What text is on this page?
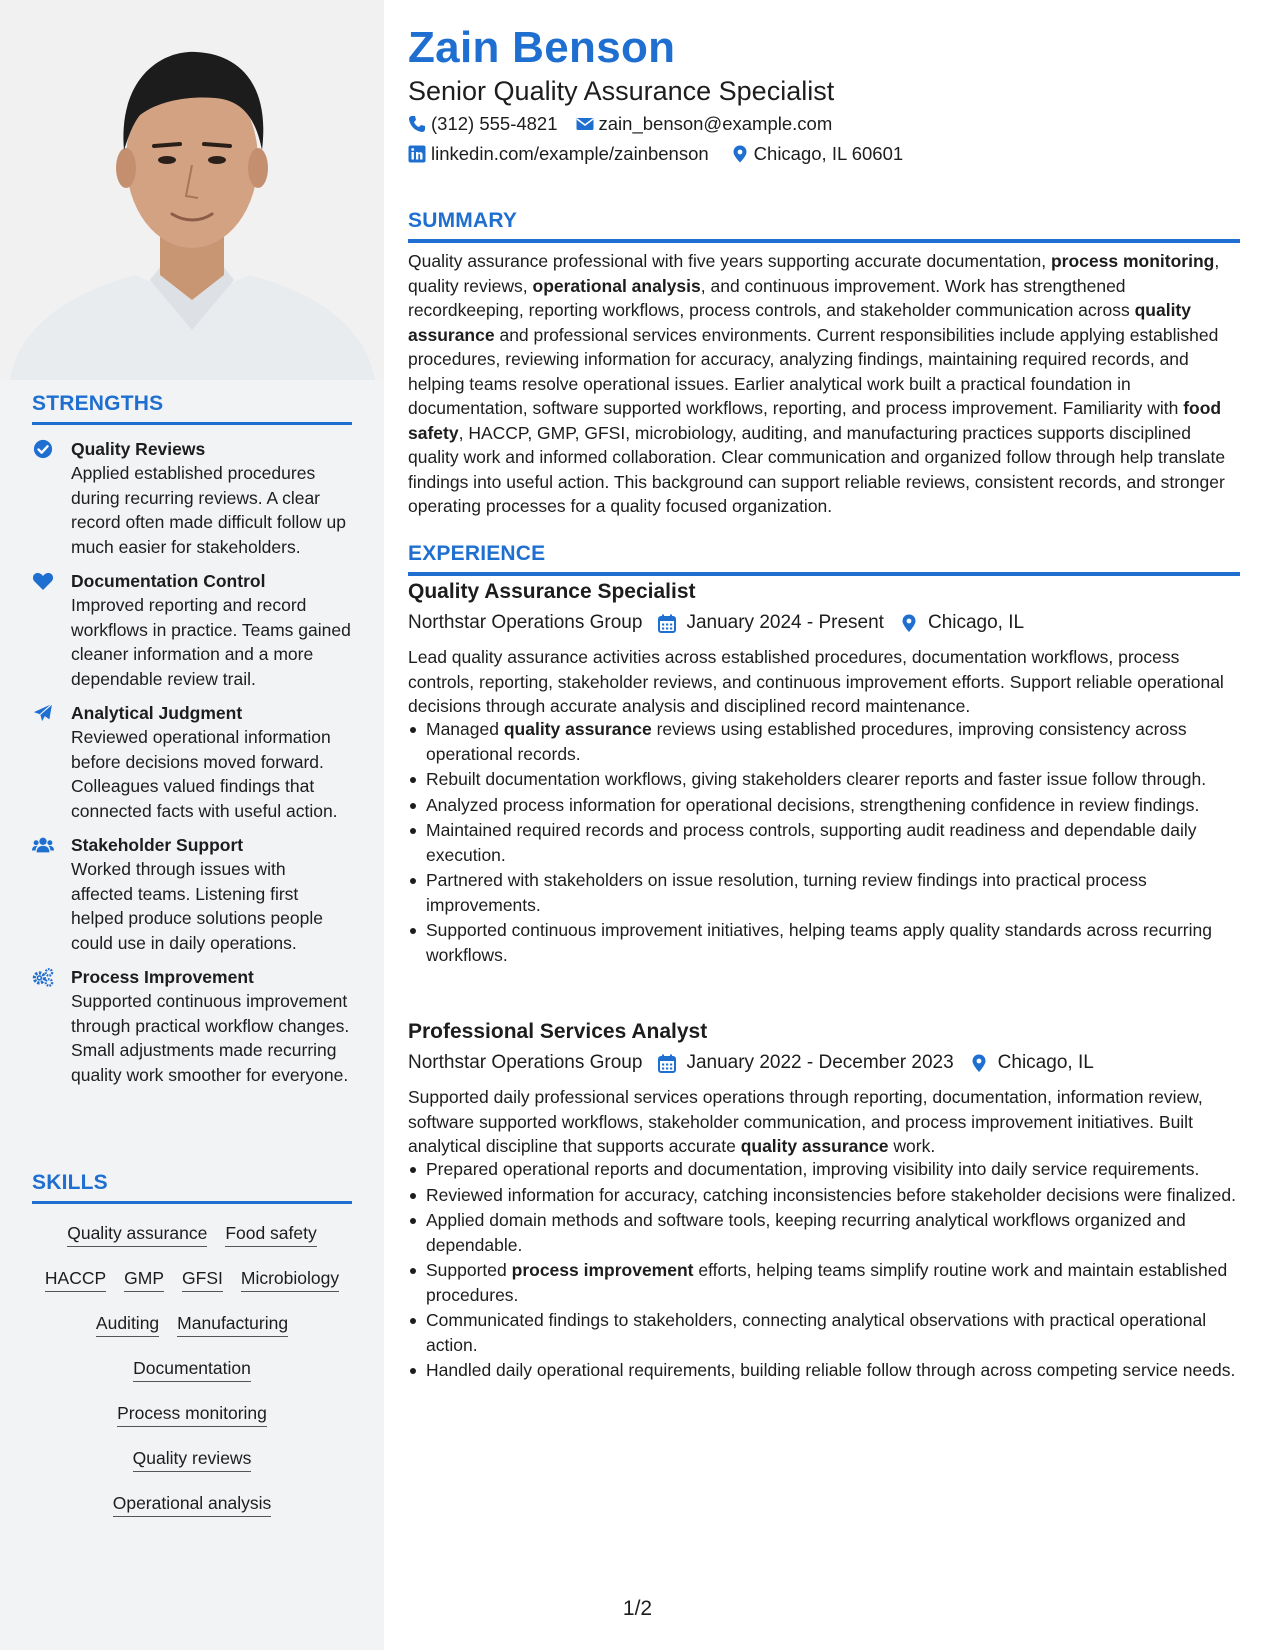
STRENGTHS
Quality Reviews
Applied established procedures during recurring reviews. A clear record often made difficult follow up much easier for stakeholders.
Documentation Control
Improved reporting and record workflows in practice. Teams gained cleaner information and a more dependable review trail.
Analytical Judgment
Reviewed operational information before decisions moved forward. Colleagues valued findings that connected facts with useful action.
Stakeholder Support
Worked through issues with affected teams. Listening first helped produce solutions people could use in daily operations.
Process Improvement
Supported continuous improvement through practical workflow changes. Small adjustments made recurring quality work smoother for everyone.
SKILLS
Quality assurance Food safety
HACCP GMP GFSI Microbiology
Auditing Manufacturing
Documentation
Process monitoring
Quality reviews
Operational analysis
Zain Benson
Senior Quality Assurance Specialist
(312) 555-4821 zain_benson@example.com
linkedin.com/example/zainbenson Chicago, IL 60601
SUMMARY
Quality assurance professional with five years supporting accurate documentation, process monitoring, quality reviews, operational analysis, and continuous improvement. Work has strengthened recordkeeping, reporting workflows, process controls, and stakeholder communication across quality assurance and professional services environments. Current responsibilities include applying established procedures, reviewing information for accuracy, analyzing findings, maintaining required records, and helping teams resolve operational issues. Earlier analytical work built a practical foundation in documentation, software supported workflows, reporting, and process improvement. Familiarity with food safety, HACCP, GMP, GFSI, microbiology, auditing, and manufacturing practices supports disciplined quality work and informed collaboration. Clear communication and organized follow through help translate findings into useful action. This background can support reliable reviews, consistent records, and stronger operating processes for a quality focused organization.
EXPERIENCE
Quality Assurance Specialist
Northstar Operations Group January 2024 - Present Chicago, IL
Lead quality assurance activities across established procedures, documentation workflows, process controls, reporting, stakeholder reviews, and continuous improvement efforts. Support reliable operational decisions through accurate analysis and disciplined record maintenance.
Managed quality assurance reviews using established procedures, improving consistency across operational records.
Rebuilt documentation workflows, giving stakeholders clearer reports and faster issue follow through.
Analyzed process information for operational decisions, strengthening confidence in review findings.
Maintained required records and process controls, supporting audit readiness and dependable daily execution.
Partnered with stakeholders on issue resolution, turning review findings into practical process improvements.
Supported continuous improvement initiatives, helping teams apply quality standards across recurring workflows.
Professional Services Analyst
Northstar Operations Group January 2022 - December 2023 Chicago, IL
Supported daily professional services operations through reporting, documentation, information review, software supported workflows, stakeholder communication, and process improvement initiatives. Built analytical discipline that supports accurate quality assurance work.
Prepared operational reports and documentation, improving visibility into daily service requirements.
Reviewed information for accuracy, catching inconsistencies before stakeholder decisions were finalized.
Applied domain methods and software tools, keeping recurring analytical workflows organized and dependable.
Supported process improvement efforts, helping teams simplify routine work and maintain established procedures.
Communicated findings to stakeholders, connecting analytical observations with practical operational action.
Handled daily operational requirements, building reliable follow through across competing service needs.
1/2
